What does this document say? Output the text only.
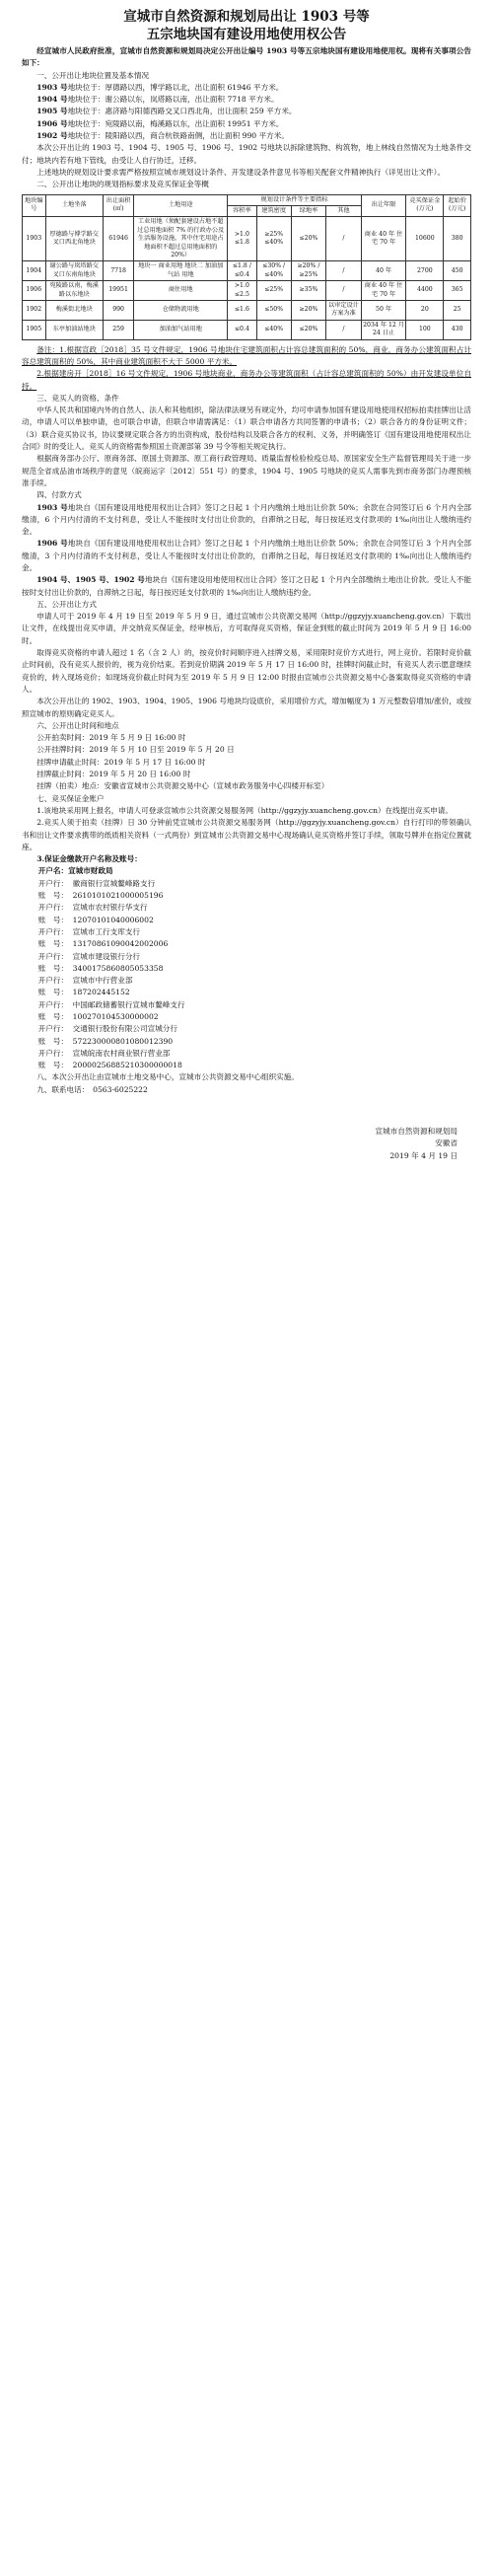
宣城市自然资源和规划局出让 1903 号等
五宗地块国有建设用地使用权公告

经宣城市人民政府批准，宣城市自然资源和规划局决定公开出让编号 1903 号等五宗地块国有建设用地使用权。现将有关事项公告如下：

一、公开出让地块位置及基本情况

1903 号地块位于：厚德路以西，博学路以北，出让面积 61946 平方米。

1904 号地块位于：谢公路以东，岚塔路以南，出让面积 7718 平方米。

1905 号地块位于：惠济路与阳德西路交叉口西北角，出让面积 259 平方米。

1906 号地块位于：宛陵路以南，梅溪路以东，出让面积 19951 平方米。

1902 号地块位于：陵阳路以西，商合杭铁路南侧，出让面积 990 平方米。

本次公开出让的 1903 号、1904 号、1905 号、1906 号、1902 号地块以拆除建筑物、构筑物，地上林线自然情况为土地条件交付；地块内若有地下管线，由受让人自行协迁，迁移。

上述地块的规划设计要求需严格按照宣城市规划设计条件、开发建设条件意见书等相关配套文件精神执行（详见出让文件）。

二、公开出让地块的规划指标要求及竞买保证金等概

地块编号	土地坐落	出让面积(㎡)	土地用途	规划设计条件等主要指标				出让年限	竞买保证金(万元)	起始价(万元)
				容积率	建筑密度	绿地率	其他			
1903	厚德路与博学路交叉口西北角地块	61946	工业用地（须配套建设占地不超过总用地面积 7% 的行政办公及生活服务设施，其中住宅用途占地面积不超过总用地面积的 20%）	>1.0 ≤1.8	≥25% ≤40%	≤20%	/	商业 40 年 住宅 70 年	10600	380
1904	谢公路与岚塔路交叉口东南角地块	7718	地块一 商业用地 地块二 加油加气站 用地	≤1.8 / ≤0.4	≤30% / ≤40%	≥20% / ≥25%	/	40 年	2700	450
1906	宛陵路以南，梅溪路以东地块	19951	商住用地	>1.0 ≤2.5	≤25%	≥35%	/	商业 40 年 住宅 70 年	4400	365
1902	梅溪街北地块	990	仓储物流用地	≤1.6	≤50%	≥20%	以审定设计方案为准	50 年	20	25
1905	东亭加油站地块	259	加油加气站用地	≤0.4	≤40%	≤20%	/	2034 年 12 月 24 日止	100	430

备注：1.根据宣政［2018］35 号文件规定，1906 号地块住宅建筑面积占计容总建筑面积的 50%，商业，商务办公建筑面积占计容总建筑面积的 50%，其中商业建筑面积不大于 5000 平方米。

2.根据建房开［2018］16 号文件规定，1906 号地块商业，商务办公等建筑面积（占计容总建筑面积的 50%）由开发建设单位自持。

三、竞买人的资格、条件

中华人民共和国境内外的自然人、法人和其他组织，除法律法规另有规定外，均可申请参加国有建设用地使用权招标拍卖挂牌出让活动，申请人可以单独申请，也可联合申请，但联合申请需满足：（1）联合申请各方共同签署的申请书；（2）联合各方的身份证明文件；（3）联合竞买协议书，协议要规定联合各方的出资构成，股份结构以及联合各方的权利、义务，并明确签订《国有建设用地使用权出让合同》时的受让人。竞买人的资格需参照国土资源部第 39 号令等相关规定执行。

根据商务部办公厅、原商务部、原国土资源部、原工商行政管理局、质量监督检验检疫总局、原国家安全生产监督管理局关于进一步规范全省成品油市场秩序的意见（皖商运字〔2012〕551 号）的要求，1904 号、1905 号地块的竞买人需事先到市商务部门办理预核准手续。

四、付款方式

1903 号地块自《国有建设用地使用权出让合同》签订之日起 1 个月内缴纳土地出让价款 50%；余款在合同签订后 6 个月内全部缴清，6 个月内付清的不支付利息，受让人不能按时支付出让价款的，自滞纳之日起，每日按延迟支付款项的 1‰向出让人缴纳违约金。

1906 号地块自《国有建设用地使用权出让合同》签订之日起 1 个月内缴纳土地出让价款 50%；余款在合同签订后 3 个月内全部缴清，3 个月内付清的不支付利息，受让人不能按时支付出让价款的，自滞纳之日起，每日按延迟支付款项的 1‰向出让人缴纳违约金。

1904 号、1905 号、1902 号地块自《国有建设用地使用权出让合同》签订之日起 1 个月内全部缴纳土地出让价款。受让人不能按时支付出让价款的，自滞纳之日起，每日按迟延支付款项的 1‰向出让人缴纳违约金。

五、公开出让方式

申请人可于 2019 年 4 月 19 日至 2019 年 5 月 9 日，通过宣城市公共资源交易网（http://ggzyjy.xuancheng.gov.cn）下载出让文件，在线提出竞买申请，并交纳竞买保证金，经审核后，方可取得竞买资格，保证金到账的截止时间为 2019 年 5 月 9 日 16:00 时。

取得竞买资格的申请人超过 1 名（含 2 人）的，按竞价时间顺序进入挂牌交易，采用限时竞价方式进行，网上竞价。若限时竞价截止时间前，没有竞买人报价的，视为竞价结束。若到竞价期满 2019 年 5 月 17 日 16:00 时，挂牌时间截止时，有竞买人表示愿意继续竞价的，转入现场竞价；如现场竞价截止时间为至 2019 年 5 月 9 日 12:00 时报由宣城市公共资源交易中心备案取得竞买资格的申请人。

本次公开出让的 1902、1903、1904、1905、1906 号地块均设底价，采用增价方式，增加幅度为 1 万元整数倍增加/涨价，或按照宣城市的原则确定竞买人。

六、公开出让时间和地点

公开拍卖时间：2019 年 5 月 9 日 16:00 时

公开挂牌时间：2019 年 5 月 10 日至 2019 年 5 月 20 日

挂牌申请截止时间：2019 年 5 月 17 日 16:00 时

挂牌截止时间：2019 年 5 月 20 日 16:00 时

挂牌（拍卖）地点：安徽省宣城市公共资源交易中心（宣城市政务服务中心四楼开标室）

七、竞买保证金账户

1.该地块采用网上报名，申请人可登录宣城市公共资源交易服务网（http://ggzyjy.xuancheng.gov.cn）在线提出竞买申请。

2.竞买人须于拍卖（挂牌）日 30 分钟前凭宣城市公共资源交易服务网（http://ggzyjy.xuancheng.gov.cn）自行打印的带领确认书和出让文件要求携带的纸质相关资料（一式两份）到宣城市公共资源交易中心现场确认竞买资格并签订手续，领取号牌并在指定位置就座。

3.保证金缴款开户名称及账号：

开户名：宣城市财政局

开户行： 徽商银行宣城鳌峰路支行

账　号： 2610101021000005196

开户行： 宣城市农村银行华支行

账　号： 12070101040006002

开户行： 宣城市工行支库支行

账　号： 13170861090042002006

开户行： 宣城市建设银行分行

账　号： 3400175860805053358

开户行： 宣城市中行营业部

账　号： 187202445152

开户行： 中国邮政储蓄银行宣城市鳌峰支行

账　号： 100270104530000002

开户行： 交通银行股份有限公司宣城分行

账　号： 572230000801080012390

开户行： 宣城皖南农村商业银行营业部

账　号： 20000256885210300000018

八、本次公开出让由宣城市土地交易中心，宣城市公共资源交易中心组织实施。

九、联系电话：　0563-6025222

宣城市自然资源和规划局

安徽省

2019 年 4 月 19 日
